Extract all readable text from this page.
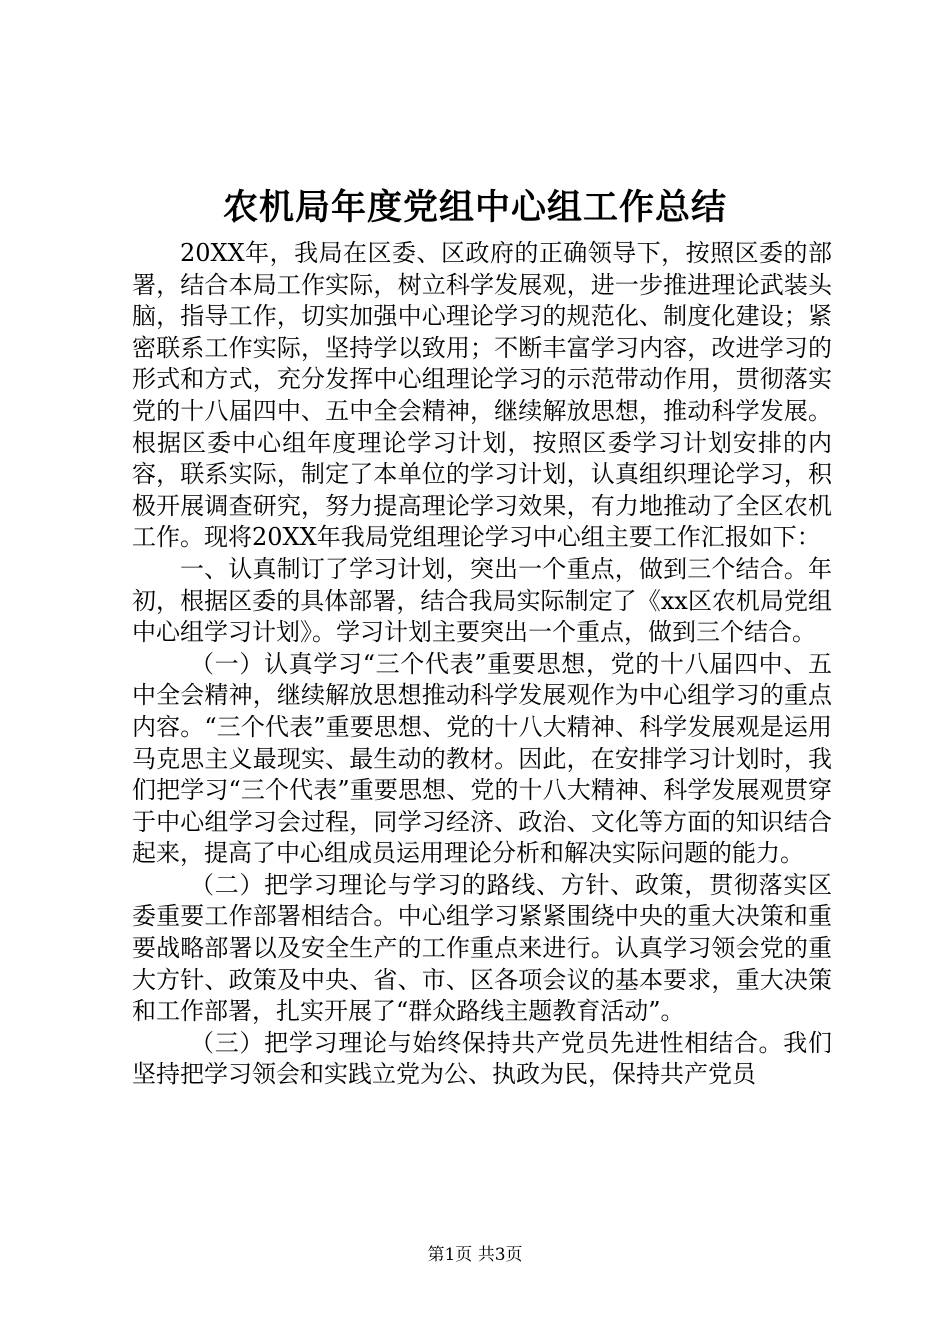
农机局年度党组中心组工作总结

20XX年，我局在区委、区政府的正确领导下，按照区委的部署，结合本局工作实际，树立科学发展观，进一步推进理论武装头脑，指导工作，切实加强中心理论学习的规范化、制度化建设；紧密联系工作实际，坚持学以致用；不断丰富学习内容，改进学习的形式和方式，充分发挥中心组理论学习的示范带动作用，贯彻落实党的十八届四中、五中全会精神，继续解放思想，推动科学发展。根据区委中心组年度理论学习计划，按照区委学习计划安排的内容，联系实际，制定了本单位的学习计划，认真组织理论学习，积极开展调查研究，努力提高理论学习效果，有力地推动了全区农机工作。现将20XX年我局党组理论学习中心组主要工作汇报如下：

一、认真制订了学习计划，突出一个重点，做到三个结合。年初，根据区委的具体部署，结合我局实际制定了《xx区农机局党组中心组学习计划》。学习计划主要突出一个重点，做到三个结合。

（一）认真学习“三个代表”重要思想，党的十八届四中、五中全会精神，继续解放思想推动科学发展观作为中心组学习的重点内容。“三个代表”重要思想、党的十八大精神、科学发展观是运用马克思主义最现实、最生动的教材。因此，在安排学习计划时，我们把学习“三个代表”重要思想、党的十八大精神、科学发展观贯穿于中心组学习会过程，同学习经济、政治、文化等方面的知识结合起来，提高了中心组成员运用理论分析和解决实际问题的能力。

（二）把学习理论与学习的路线、方针、政策，贯彻落实区委重要工作部署相结合。中心组学习紧紧围绕中央的重大决策和重要战略部署以及安全生产的工作重点来进行。认真学习领会党的重大方针、政策及中央、省、市、区各项会议的基本要求，重大决策和工作部署，扎实开展了“群众路线主题教育活动”。

（三）把学习理论与始终保持共产党员先进性相结合。我们坚持把学习领会和实践立党为公、执政为民，保持共产党员

第1页 共3页
